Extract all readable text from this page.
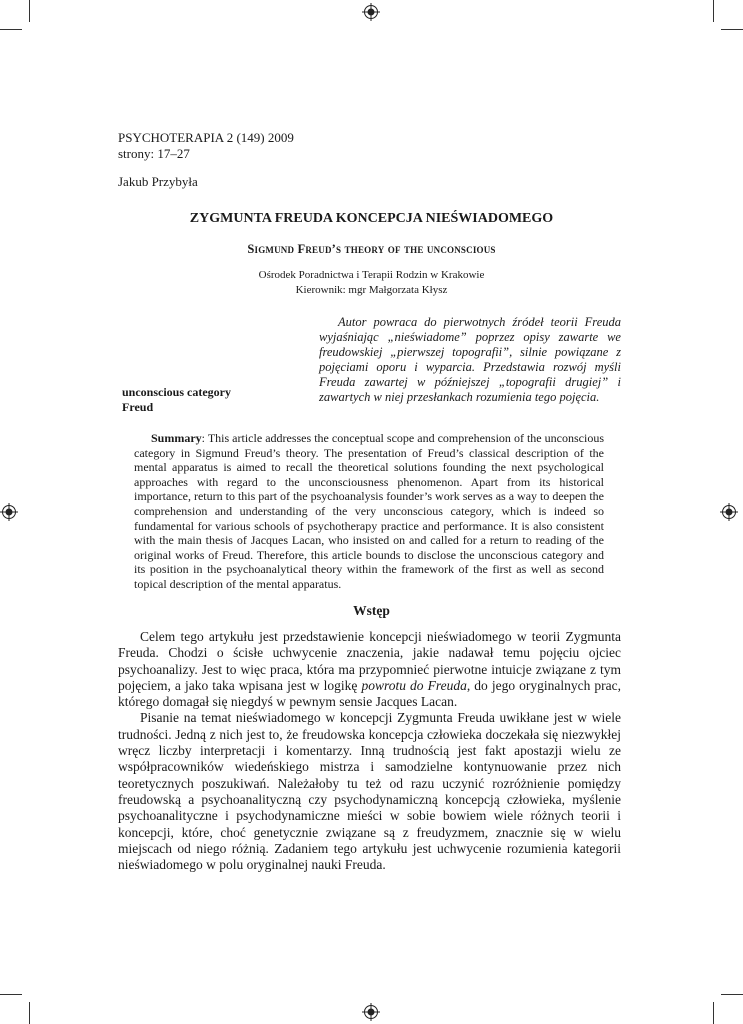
PSYCHOTERAPIA 2 (149) 2009
strony: 17–27
Jakub Przybyła
ZYGMUNTA FREUDA KONCEPCJA NIEŚWIADOMEGO
Sigmund Freud’s theory of the unconscious
Ośrodek Poradnictwa i Terapii Rodzin w Krakowie
Kierownik: mgr Małgorzata Kłysz
Autor powraca do pierwotnych źródeł teorii Freuda wyjaśniając „nieświadome” poprzez opisy zawarte we freudowskiej „pierwszej topografii”, silnie powiązane z pojęciami oporu i wyparcia. Przedstawia rozwój myśli Freuda zawartej w późniejszej „topografii drugiej” i zawartych w niej przesłankach rozumienia tego pojęcia.
unconscious category
Freud
Summary: This article addresses the conceptual scope and comprehension of the unconscious category in Sigmund Freud’s theory. The presentation of Freud’s classical description of the mental apparatus is aimed to recall the theoretical solutions founding the next psychological approaches with regard to the unconsciousness phenomenon. Apart from its historical importance, return to this part of the psychoanalysis founder’s work serves as a way to deepen the comprehension and understanding of the very unconscious category, which is indeed so fundamental for various schools of psychotherapy practice and performance. It is also consistent with the main thesis of Jacques Lacan, who insisted on and called for a return to reading of the original works of Freud. Therefore, this article bounds to disclose the unconscious category and its position in the psychoanalytical theory within the framework of the first as well as second topical description of the mental apparatus.
Wstęp

Celem tego artykułu jest przedstawienie koncepcji nieświadomego w teorii Zygmunta Freuda. Chodzi o ścisłe uchwycenie znaczenia, jakie nadawał temu pojęciu ojciec psychoanalizy. Jest to więc praca, która ma przypomnieć pierwotne intuicje związane z tym pojęciem, a jako taka wpisana jest w logikę powrotu do Freuda, do jego oryginalnych prac, którego domagał się niegdyś w pewnym sensie Jacques Lacan.

Pisanie na temat nieświadomego w koncepcji Zygmunta Freuda uwikłane jest w wiele trudności. Jedną z nich jest to, że freudowska koncepcja człowieka doczekała się niezwykłej wręcz liczby interpretacji i komentarzy. Inną trudnością jest fakt apostazji wielu ze współpracowników wiedeńskiego mistrza i samodzielne kontynuowanie przez nich teoretycznych poszukiwań. Należałoby tu też od razu uczynić rozróżnienie pomiędzy freudowską a psychoanalityczną czy psychodynamiczną koncepcją człowieka, myślenie psychoanalityczne i psychodynamiczne mieści w sobie bowiem wiele różnych teorii i koncepcji, które, choć genetycznie związane są z freudyzmem, znacznie się w wielu miejscach od niego różnią. Zadaniem tego artykułu jest uchwycenie rozumienia kategorii nieświadomego w polu oryginalnej nauki Freuda.
